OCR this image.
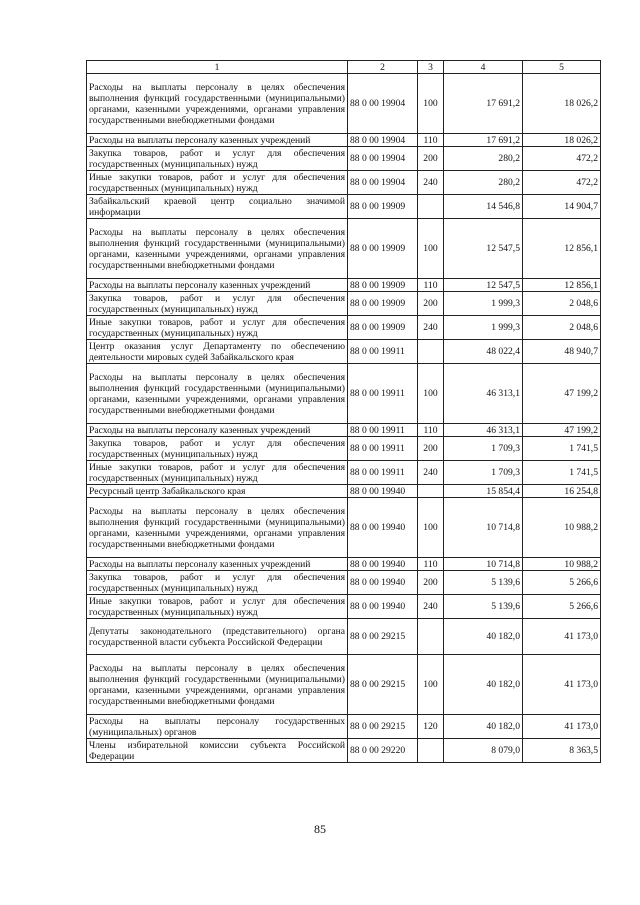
1	2	3	4	5
Расходы на выплаты персоналу в целях обеспечения выполнения функций государственными (муниципальными) органами, казенными учреждениями, органами управления государственными внебюджетными фондами	88 0 00 19904	100	17 691,2	18 026,2
Расходы на выплаты персоналу казенных учреждений	88 0 00 19904	110	17 691,2	18 026,2
Закупка товаров, работ и услуг для обеспечения государственных (муниципальных) нужд	88 0 00 19904	200	280,2	472,2
Иные закупки товаров, работ и услуг для обеспечения государственных (муниципальных) нужд	88 0 00 19904	240	280,2	472,2
Забайкальский краевой центр социально значимой информации	88 0 00 19909		14 546,8	14 904,7
Расходы на выплаты персоналу в целях обеспечения выполнения функций государственными (муниципальными) органами, казенными учреждениями, органами управления государственными внебюджетными фондами	88 0 00 19909	100	12 547,5	12 856,1
Расходы на выплаты персоналу казенных учреждений	88 0 00 19909	110	12 547,5	12 856,1
Закупка товаров, работ и услуг для обеспечения государственных (муниципальных) нужд	88 0 00 19909	200	1 999,3	2 048,6
Иные закупки товаров, работ и услуг для обеспечения государственных (муниципальных) нужд	88 0 00 19909	240	1 999,3	2 048,6
Центр оказания услуг Департаменту по обеспечению деятельности мировых судей Забайкальского края	88 0 00 19911		48 022,4	48 940,7
Расходы на выплаты персоналу в целях обеспечения выполнения функций государственными (муниципальными) органами, казенными учреждениями, органами управления государственными внебюджетными фондами	88 0 00 19911	100	46 313,1	47 199,2
Расходы на выплаты персоналу казенных учреждений	88 0 00 19911	110	46 313,1	47 199,2
Закупка товаров, работ и услуг для обеспечения государственных (муниципальных) нужд	88 0 00 19911	200	1 709,3	1 741,5
Иные закупки товаров, работ и услуг для обеспечения государственных (муниципальных) нужд	88 0 00 19911	240	1 709,3	1 741,5
Ресурсный центр Забайкальского края	88 0 00 19940		15 854,4	16 254,8
Расходы на выплаты персоналу в целях обеспечения выполнения функций государственными (муниципальными) органами, казенными учреждениями, органами управления государственными внебюджетными фондами	88 0 00 19940	100	10 714,8	10 988,2
Расходы на выплаты персоналу казенных учреждений	88 0 00 19940	110	10 714,8	10 988,2
Закупка товаров, работ и услуг для обеспечения государственных (муниципальных) нужд	88 0 00 19940	200	5 139,6	5 266,6
Иные закупки товаров, работ и услуг для обеспечения государственных (муниципальных) нужд	88 0 00 19940	240	5 139,6	5 266,6
Депутаты законодательного (представительного) органа государственной власти субъекта Российской Федерации	88 0 00 29215		40 182,0	41 173,0
Расходы на выплаты персоналу в целях обеспечения выполнения функций государственными (муниципальными) органами, казенными учреждениями, органами управления государственными внебюджетными фондами	88 0 00 29215	100	40 182,0	41 173,0
Расходы на выплаты персоналу государственных (муниципальных) органов	88 0 00 29215	120	40 182,0	41 173,0
Члены избирательной комиссии субъекта Российской Федерации	88 0 00 29220		8 079,0	8 363,5
85
